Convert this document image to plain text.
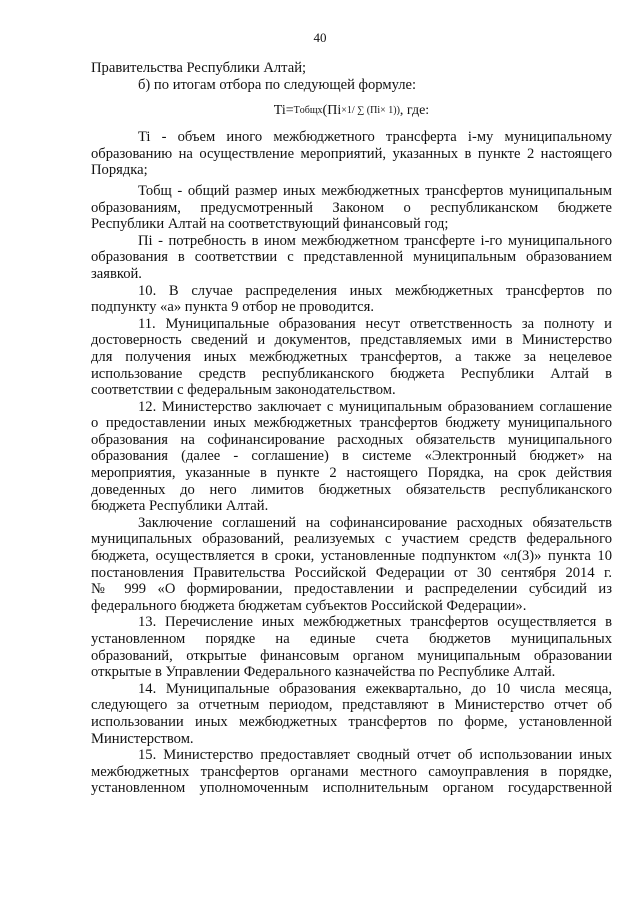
40
Правительства Республики Алтай;
б) по итогам отбора по следующей формуле:
Ti = Tобщ x (Пi ×1/ ∑ (Пi × 1)) , где:
Ti - объем иного межбюджетного трансферта i-му муниципальному
образованию на осуществление мероприятий, указанных в пункте 2 настоящего
Порядка;
Тобщ - общий размер иных межбюджетных трансфертов муниципальным
образованиям, предусмотренный Законом о республиканском бюджете
Республики Алтай на соответствующий финансовый год;
Пi - потребность в ином межбюджетном трансферте i-го муниципального
образования в соответствии с представленной муниципальным образованием
заявкой.
10. В случае распределения иных межбюджетных трансфертов по
подпункту «а» пункта 9 отбор не проводится.
11. Муниципальные образования несут ответственность за полноту и
достоверность сведений и документов, представляемых ими в Министерство
для получения иных межбюджетных трансфертов, а также за нецелевое
использование средств республиканского бюджета Республики Алтай в
соответствии с федеральным законодательством.
12. Министерство заключает с муниципальным образованием соглашение
о предоставлении иных межбюджетных трансфертов бюджету муниципального
образования на софинансирование расходных обязательств муниципального
образования (далее - соглашение) в системе «Электронный бюджет» на
мероприятия, указанные в пункте 2 настоящего Порядка, на срок действия
доведенных до него лимитов бюджетных обязательств республиканского
бюджета Республики Алтай.
Заключение соглашений на софинансирование расходных обязательств
муниципальных образований, реализуемых с участием средств федерального
бюджета, осуществляется в сроки, установленные подпунктом «л(3)» пункта 10
постановления Правительства Российской Федерации от 30 сентября 2014 г.
№ 999 «О формировании, предоставлении и распределении субсидий из
федерального бюджета бюджетам субъектов Российской Федерации».
13. Перечисление иных межбюджетных трансфертов осуществляется в
установленном порядке на единые счета бюджетов муниципальных
образований, открытые финансовым органом муниципальным образовании
открытые в Управлении Федерального казначейства по Республике Алтай.
14. Муниципальные образования ежеквартально, до 10 числа месяца,
следующего за отчетным периодом, представляют в Министерство отчет об
использовании иных межбюджетных трансфертов по форме, установленной
Министерством.
15. Министерство предоставляет сводный отчет об использовании иных
межбюджетных трансфертов органами местного самоуправления в порядке,
установленном уполномоченным исполнительным органом государственной
